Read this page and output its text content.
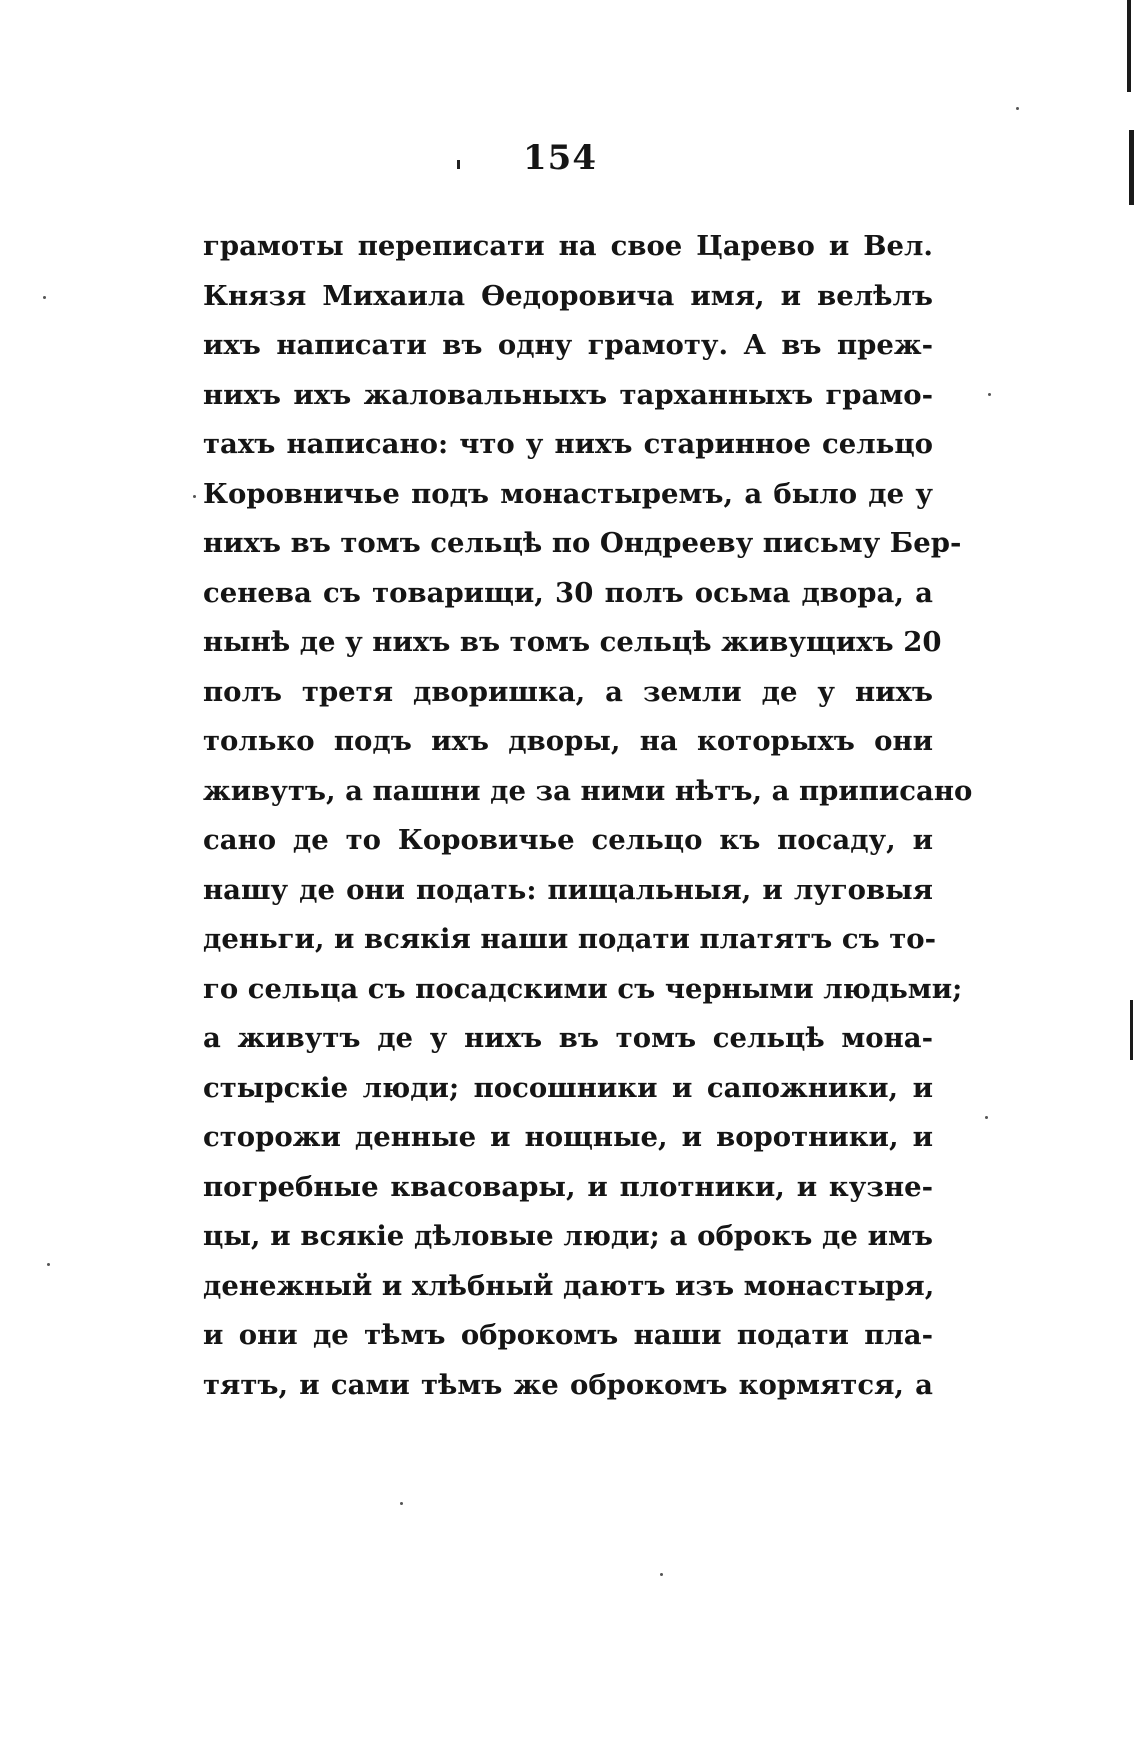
154
грамоты переписати на свое Царево и Вел.
Князя Михаила Өедоровича имя, и велѣлъ
ихъ написати въ одну грамоту. А въ преж-
нихъ ихъ жаловальныхъ тарханныхъ грамо-
тахъ написано: что у нихъ старинное сельцо
Коровничье подъ монастыремъ, а было де у
нихъ въ томъ сельцѣ по Ондрееву письму Бер-
сенева съ товарищи, 30 полъ осьма двора, а
нынѣ де у нихъ въ томъ сельцѣ живущихъ 20
полъ третя дворишка, а земли де у нихъ
только подъ ихъ дворы, на которыхъ они
живутъ, а пашни де за ними нѣтъ, а приписано
сано де то Коровичье сельцо къ посаду, и
нашу де они подать: пищальныя, и луговыя
деньги, и всякія наши подати платятъ съ то-
го сельца съ посадскими съ черными людьми;
а живутъ де у нихъ въ томъ сельцѣ мона-
стырскіе люди; посошники и сапожники, и
сторожи денные и нощные, и воротники, и
погребные квасовары, и плотники, и кузне-
цы, и всякіе дѣловые люди; а оброкъ де имъ
денежный и хлѣбный даютъ изъ монастыря,
и они де тѣмъ оброкомъ наши подати пла-
тятъ, и сами тѣмъ же оброкомъ кормятся, а
